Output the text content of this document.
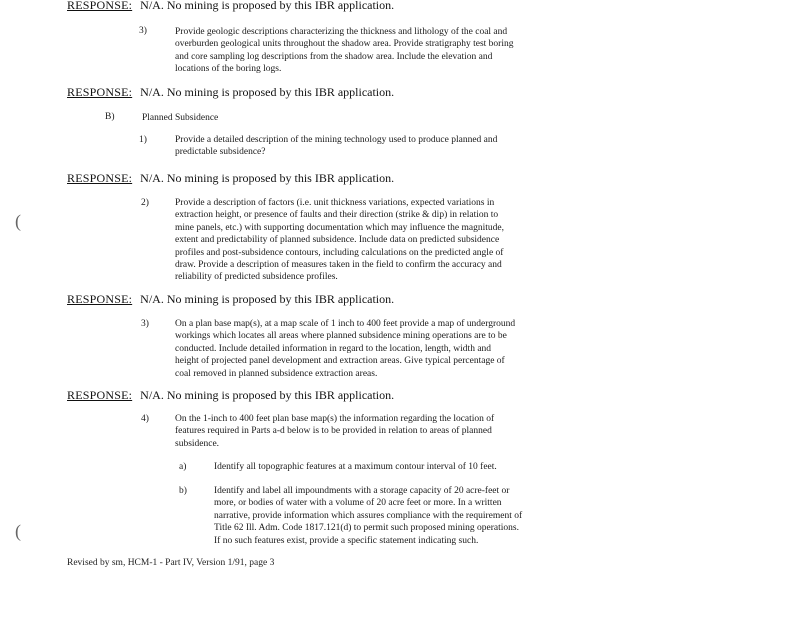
RESPONSE: N/A. No mining is proposed by this IBR application.
3)	Provide geologic descriptions characterizing the thickness and lithology of the coal and
overburden geological units throughout the shadow area. Provide stratigraphy test boring
and core sampling log descriptions from the shadow area. Include the elevation and
locations of the boring logs.
RESPONSE: N/A. No mining is proposed by this IBR application.
B)	Planned Subsidence
1)	Provide a detailed description of the mining technology used to produce planned and
predictable subsidence?
RESPONSE: N/A. No mining is proposed by this IBR application.
2)	Provide a description of factors (i.e. unit thickness variations, expected variations in
extraction height, or presence of faults and their direction (strike & dip) in relation to
mine panels, etc.) with supporting documentation which may influence the magnitude,
extent and predictability of planned subsidence. Include data on predicted subsidence
profiles and post-subsidence contours, including calculations on the predicted angle of
draw. Provide a description of measures taken in the field to confirm the accuracy and
reliability of predicted subsidence profiles.
(
RESPONSE: N/A. No mining is proposed by this IBR application.
3)	On a plan base map(s), at a map scale of 1 inch to 400 feet provide a map of underground
workings which locates all areas where planned subsidence mining operations are to be
conducted. Include detailed information in regard to the location, length, width and
height of projected panel development and extraction areas. Give typical percentage of
coal removed in planned subsidence extraction areas.
RESPONSE: N/A. No mining is proposed by this IBR application.
4)	On the 1-inch to 400 feet plan base map(s) the information regarding the location of
features required in Parts a-d below is to be provided in relation to areas of planned
subsidence.
a)	Identify all topographic features at a maximum contour interval of 10 feet.
b)	Identify and label all impoundments with a storage capacity of 20 acre-feet or
more, or bodies of water with a volume of 20 acre feet or more. In a written
narrative, provide information which assures compliance with the requirement of
Title 62 Ill. Adm. Code 1817.121(d) to permit such proposed mining operations.
If no such features exist, provide a specific statement indicating such.
(
Revised by sm, HCM-1 - Part IV, Version 1/91, page 3
